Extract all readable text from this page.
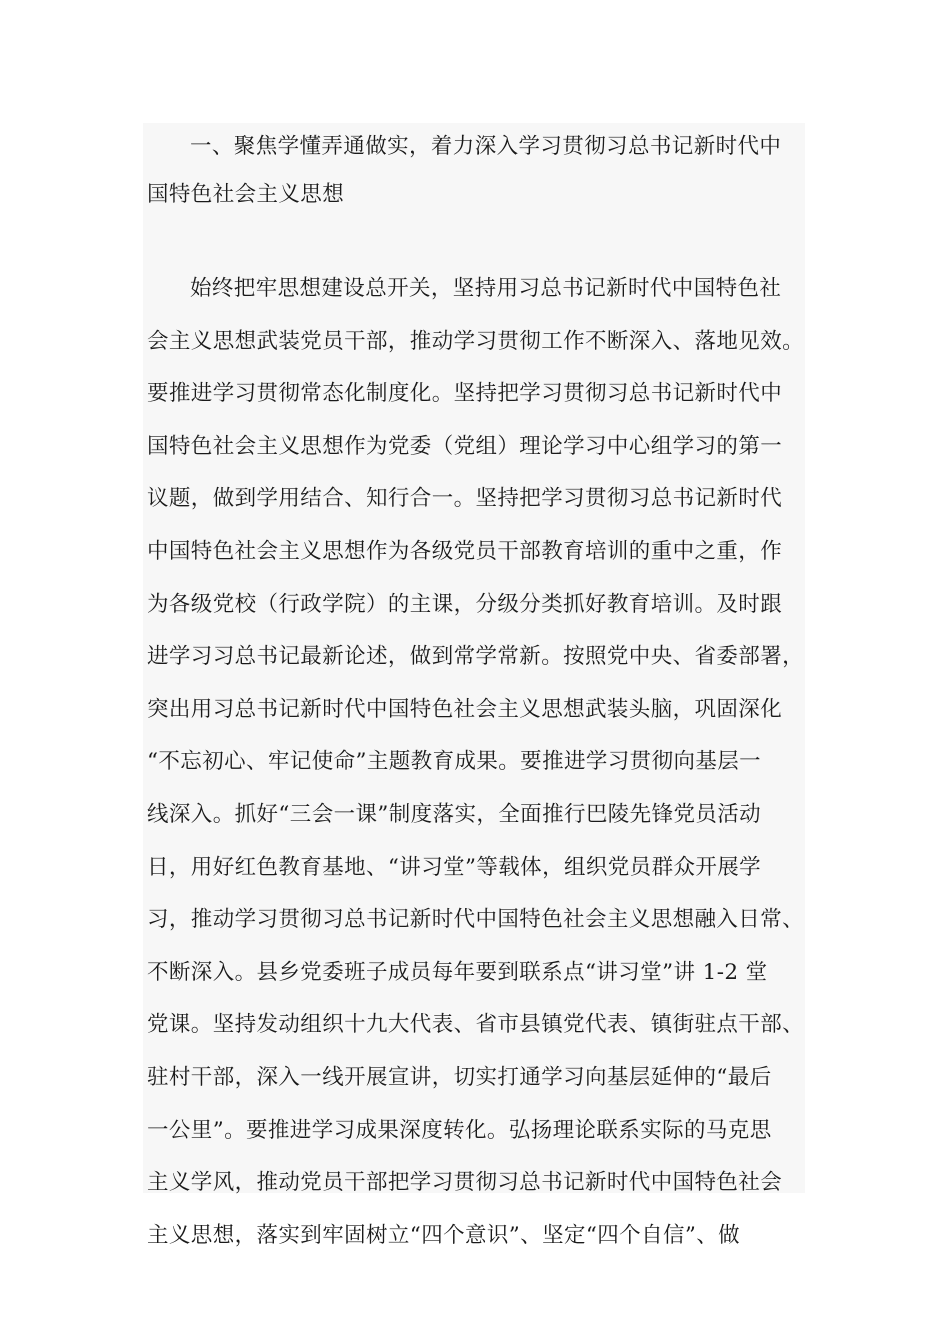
一、聚焦学懂弄通做实，着力深入学习贯彻习总书记新时代中
国特色社会主义思想
始终把牢思想建设总开关，坚持用习总书记新时代中国特色社
会主义思想武装党员干部，推动学习贯彻工作不断深入、落地见效。
要推进学习贯彻常态化制度化。坚持把学习贯彻习总书记新时代中
国特色社会主义思想作为党委（党组）理论学习中心组学习的第一
议题，做到学用结合、知行合一。坚持把学习贯彻习总书记新时代
中国特色社会主义思想作为各级党员干部教育培训的重中之重，作
为各级党校（行政学院）的主课，分级分类抓好教育培训。及时跟
进学习习总书记最新论述，做到常学常新。按照党中央、省委部署，
突出用习总书记新时代中国特色社会主义思想武装头脑，巩固深化
“不忘初心、牢记使命”主题教育成果。要推进学习贯彻向基层一
线深入。抓好“三会一课”制度落实，全面推行巴陵先锋党员活动
日，用好红色教育基地、“讲习堂”等载体，组织党员群众开展学
习，推动学习贯彻习总书记新时代中国特色社会主义思想融入日常、
不断深入。县乡党委班子成员每年要到联系点“讲习堂”讲 1-2 堂
党课。坚持发动组织十九大代表、省市县镇党代表、镇街驻点干部、
驻村干部，深入一线开展宣讲，切实打通学习向基层延伸的“最后
一公里”。要推进学习成果深度转化。弘扬理论联系实际的马克思
主义学风，推动党员干部把学习贯彻习总书记新时代中国特色社会
主义思想，落实到牢固树立“四个意识”、坚定“四个自信”、做
